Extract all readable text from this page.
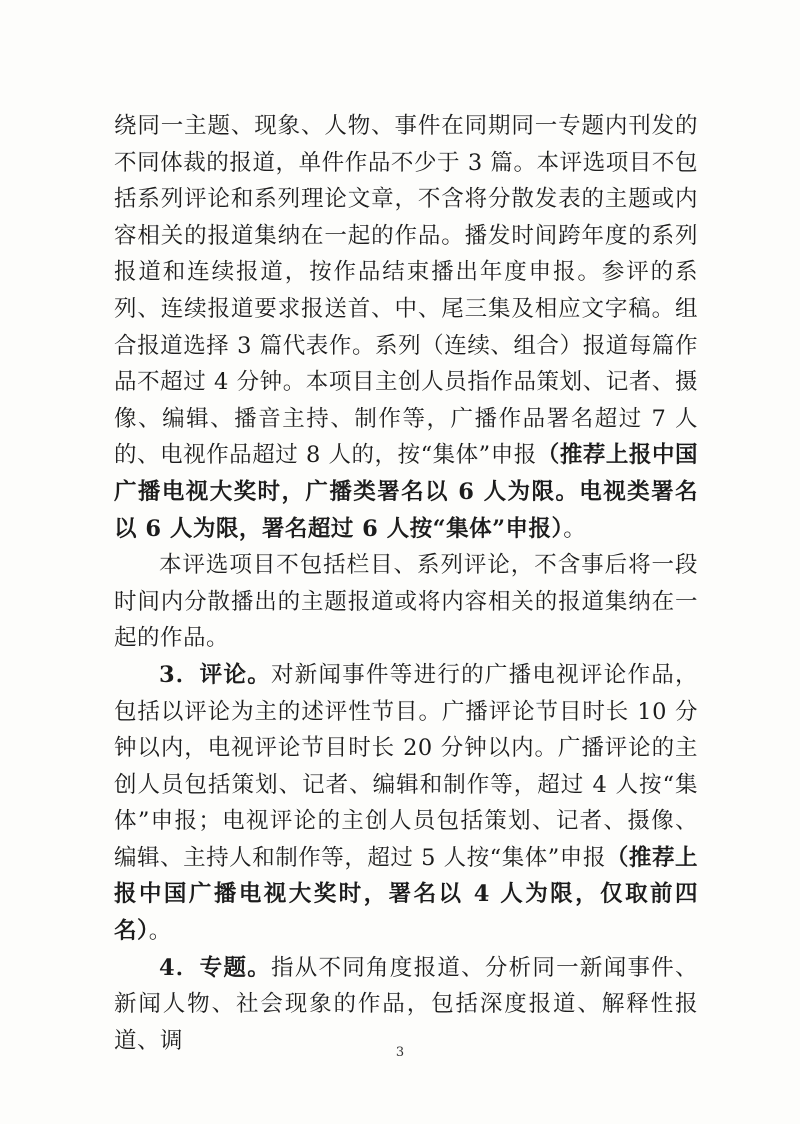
绕同一主题、现象、人物、事件在同期同一专题内刊发的不同体裁的报道，单件作品不少于 3 篇。本评选项目不包括系列评论和系列理论文章，不含将分散发表的主题或内容相关的报道集纳在一起的作品。播发时间跨年度的系列报道和连续报道，按作品结束播出年度申报。参评的系列、连续报道要求报送首、中、尾三集及相应文字稿。组合报道选择 3 篇代表作。系列（连续、组合）报道每篇作品不超过 4 分钟。本项目主创人员指作品策划、记者、摄像、编辑、播音主持、制作等，广播作品署名超过 7 人的、电视作品超过 8 人的，按“集体”申报（推荐上报中国广播电视大奖时，广播类署名以 6 人为限。电视类署名以 6 人为限，署名超过 6 人按“集体”申报）。

本评选项目不包括栏目、系列评论，不含事后将一段时间内分散播出的主题报道或将内容相关的报道集纳在一起的作品。

3．评论。对新闻事件等进行的广播电视评论作品，包括以评论为主的述评性节目。广播评论节目时长 10 分钟以内，电视评论节目时长 20 分钟以内。广播评论的主创人员包括策划、记者、编辑和制作等，超过 4 人按“集体”申报；电视评论的主创人员包括策划、记者、摄像、编辑、主持人和制作等，超过 5 人按“集体”申报（推荐上报中国广播电视大奖时，署名以 4 人为限，仅取前四名）。

4．专题。指从不同角度报道、分析同一新闻事件、新闻人物、社会现象的作品，包括深度报道、解释性报道、调	3
